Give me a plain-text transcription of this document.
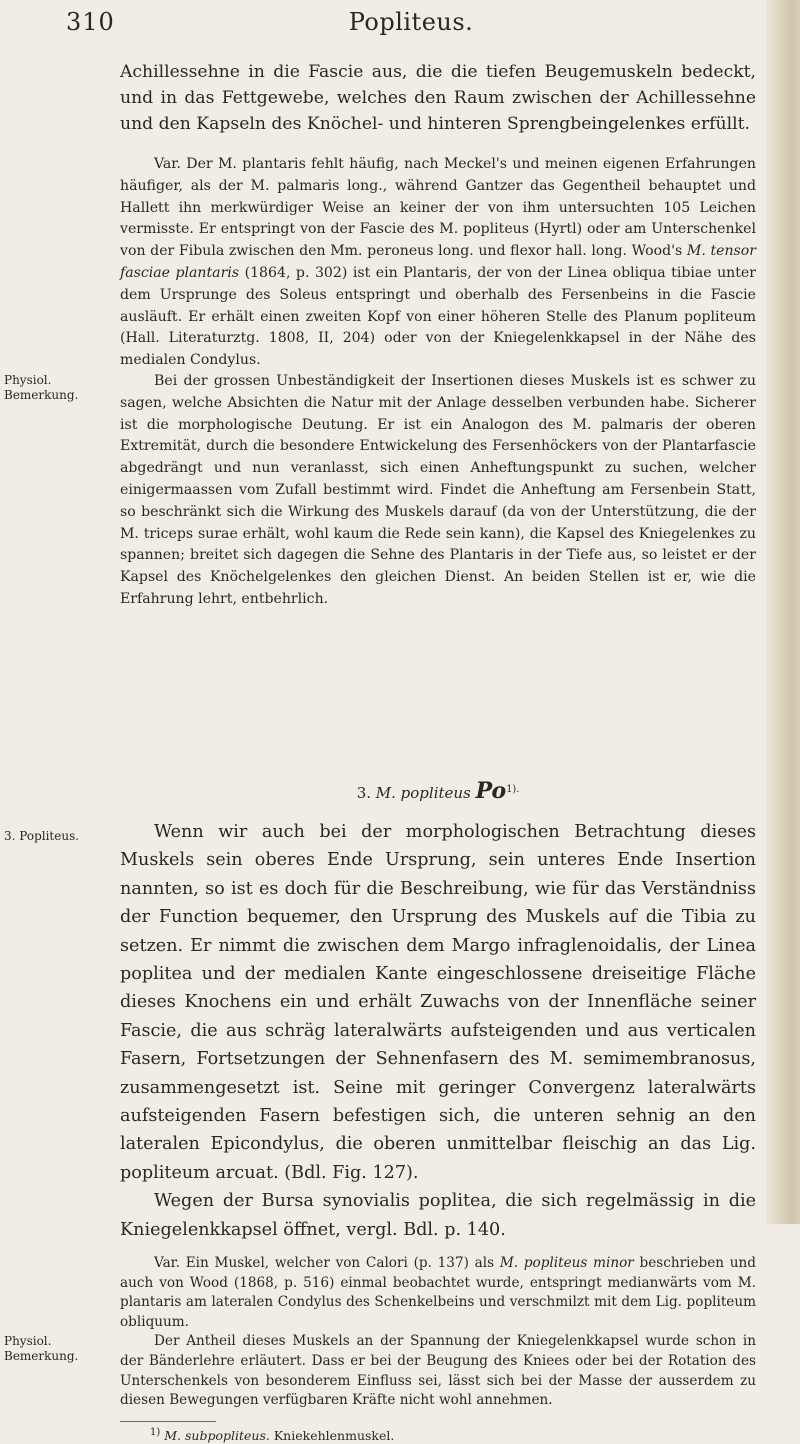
310	Popliteus.

Achillessehne in die Fascie aus, die die tiefen Beugemuskeln bedeckt, und in das Fettgewebe, welches den Raum zwischen der Achillessehne und den Kapseln des Knöchel- und hinteren Sprengbeingelenkes erfüllt.

Var. Der M. plantaris fehlt häufig, nach Meckel's und meinen eigenen Erfahrungen häufiger, als der M. palmaris long., während Gantzer das Gegentheil behauptet und Hallett ihn merkwürdiger Weise an keiner der von ihm untersuchten 105 Leichen vermisste. Er entspringt von der Fascie des M. popliteus (Hyrtl) oder am Unterschenkel von der Fibula zwischen den Mm. peroneus long. und flexor hall. long. Wood's M. tensor fasciae plantaris (1864, p. 302) ist ein Plantaris, der von der Linea obliqua tibiae unter dem Ursprunge des Soleus entspringt und oberhalb des Fersenbeins in die Fascie ausläuft. Er erhält einen zweiten Kopf von einer höheren Stelle des Planum popliteum (Hall. Literaturztg. 1808, II, 204) oder von der Kniegelenkkapsel in der Nähe des medialen Condylus.

Bei der grossen Unbeständigkeit der Insertionen dieses Muskels ist es schwer zu sagen, welche Absichten die Natur mit der Anlage desselben verbunden habe. Sicherer ist die morphologische Deutung. Er ist ein Analogon des M. palmaris der oberen Extremität, durch die besondere Entwickelung des Fersenhöckers von der Plantarfascie abgedrängt und nun veranlasst, sich einen Anheftungspunkt zu suchen, welcher einigermaassen vom Zufall bestimmt wird. Findet die Anheftung am Fersenbein Statt, so beschränkt sich die Wirkung des Muskels darauf (da von der Unterstützung, die der M. triceps surae erhält, wohl kaum die Rede sein kann), die Kapsel des Kniegelenkes zu spannen; breitet sich dagegen die Sehne des Plantaris in der Tiefe aus, so leistet er der Kapsel des Knöchelgelenkes den gleichen Dienst. An beiden Stellen ist er, wie die Erfahrung lehrt, entbehrlich.

Physiol. Bemerkung.

3. M. popliteus $Po^{1).}$

3. Popliteus.	Wenn wir auch bei der morphologischen Betrachtung dieses Muskels sein oberes Ende Ursprung, sein unteres Ende Insertion nannten, so ist es doch für die Beschreibung, wie für das Verständniss der Function bequemer, den Ursprung des Muskels auf die Tibia zu setzen. Er nimmt die zwischen dem Margo infraglenoidalis, der Linea poplitea und der medialen Kante eingeschlossene dreiseitige Fläche dieses Knochens ein und erhält Zuwachs von der Innenfläche seiner Fascie, die aus schräg lateralwärts aufsteigenden und aus verticalen Fasern, Fortsetzungen der Sehnenfasern des M. semimembranosus, zusammengesetzt ist. Seine mit geringer Convergenz lateralwärts aufsteigenden Fasern befestigen sich, die unteren sehnig an den lateralen Epicondylus, die oberen unmittelbar fleischig an das Lig. popliteum arcuat. (Bdl. Fig. 127).

Wegen der Bursa synovialis poplitea, die sich regelmässig in die Kniegelenkkapsel öffnet, vergl. Bdl. p. 140.

Var. Ein Muskel, welcher von Calori (p. 137) als M. popliteus minor beschrieben und auch von Wood (1868, p. 516) einmal beobachtet wurde, entspringt medianwärts vom M. plantaris am lateralen Condylus des Schenkelbeins und verschmilzt mit dem Lig. popliteum obliquum.

Der Antheil dieses Muskels an der Spannung der Kniegelenkkapsel wurde schon in der Bänderlehre erläutert. Dass er bei der Beugung des Kniees oder bei der Rotation des Unterschenkels von besonderem Einfluss sei, lässt sich bei der Masse der ausserdem zu diesen Bewegungen verfügbaren Kräfte nicht wohl annehmen.

Physiol. Bemerkung.

$^{1)}$ M. subpopliteus. Kniekehlenmuskel.
